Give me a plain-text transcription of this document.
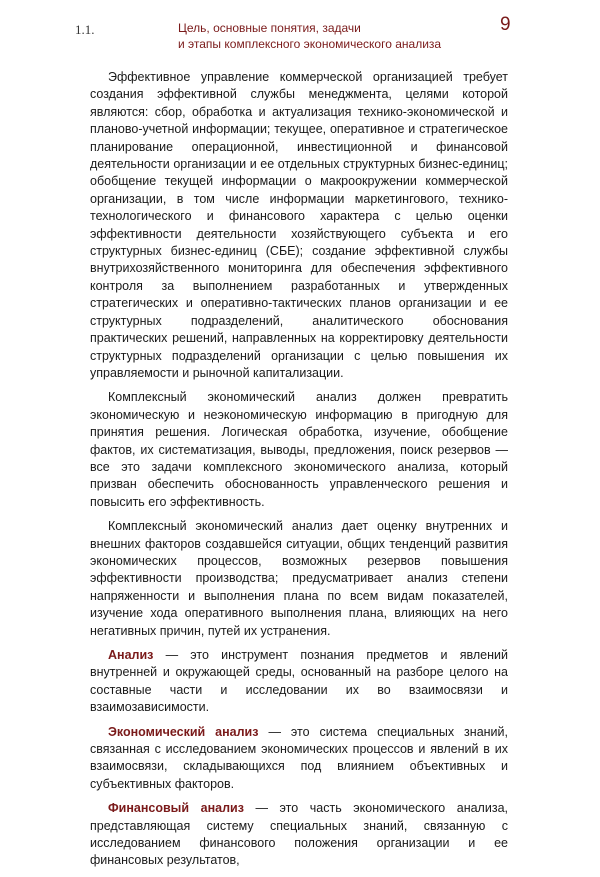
1.1.	Цель, основные понятия, задачи
и этапы комплексного экономического анализа
9

Эффективное управление коммерческой организацией требует создания эффективной службы менеджмента, целями которой являются: сбор, обработка и актуализация технико-экономической и планово-учетной информации; текущее, оперативное и стратегическое планирование операционной, инвестиционной и финансовой деятельности организации и ее отдельных структурных бизнес-единиц; обобщение текущей информации о макроокружении коммерческой организации, в том числе информации маркетингового, технико-технологического и финансового характера с целью оценки эффективности деятельности хозяйствующего субъекта и его структурных бизнес-единиц (СБЕ); создание эффективной службы внутрихозяйственного мониторинга для обеспечения эффективного контроля за выполнением разработанных и утвержденных стратегических и оперативно-тактических планов организации и ее структурных подразделений, аналитического обоснования практических решений, направленных на корректировку деятельности структурных подразделений организации с целью повышения их управляемости и рыночной капитализации.

Комплексный экономический анализ должен превратить экономическую и неэкономическую информацию в пригодную для принятия решения. Логическая обработка, изучение, обобщение фактов, их систематизация, выводы, предложения, поиск резервов — все это задачи комплексного экономического анализа, который призван обеспечить обоснованность управленческого решения и повысить его эффективность.

Комплексный экономический анализ дает оценку внутренних и внешних факторов создавшейся ситуации, общих тенденций развития экономических процессов, возможных резервов повышения эффективности производства; предусматривает анализ степени напряженности и выполнения плана по всем видам показателей, изучение хода оперативного выполнения плана, влияющих на него негативных причин, путей их устранения.

Анализ — это инструмент познания предметов и явлений внутренней и окружающей среды, основанный на разборе целого на составные части и исследовании их во взаимосвязи и взаимозависимости.

Экономический анализ — это система специальных знаний, связанная с исследованием экономических процессов и явлений в их взаимосвязи, складывающихся под влиянием объективных и субъективных факторов.

Финансовый анализ — это часть экономического анализа, представляющая систему специальных знаний, связанную с исследованием финансового положения организации и ее финансовых результатов,
